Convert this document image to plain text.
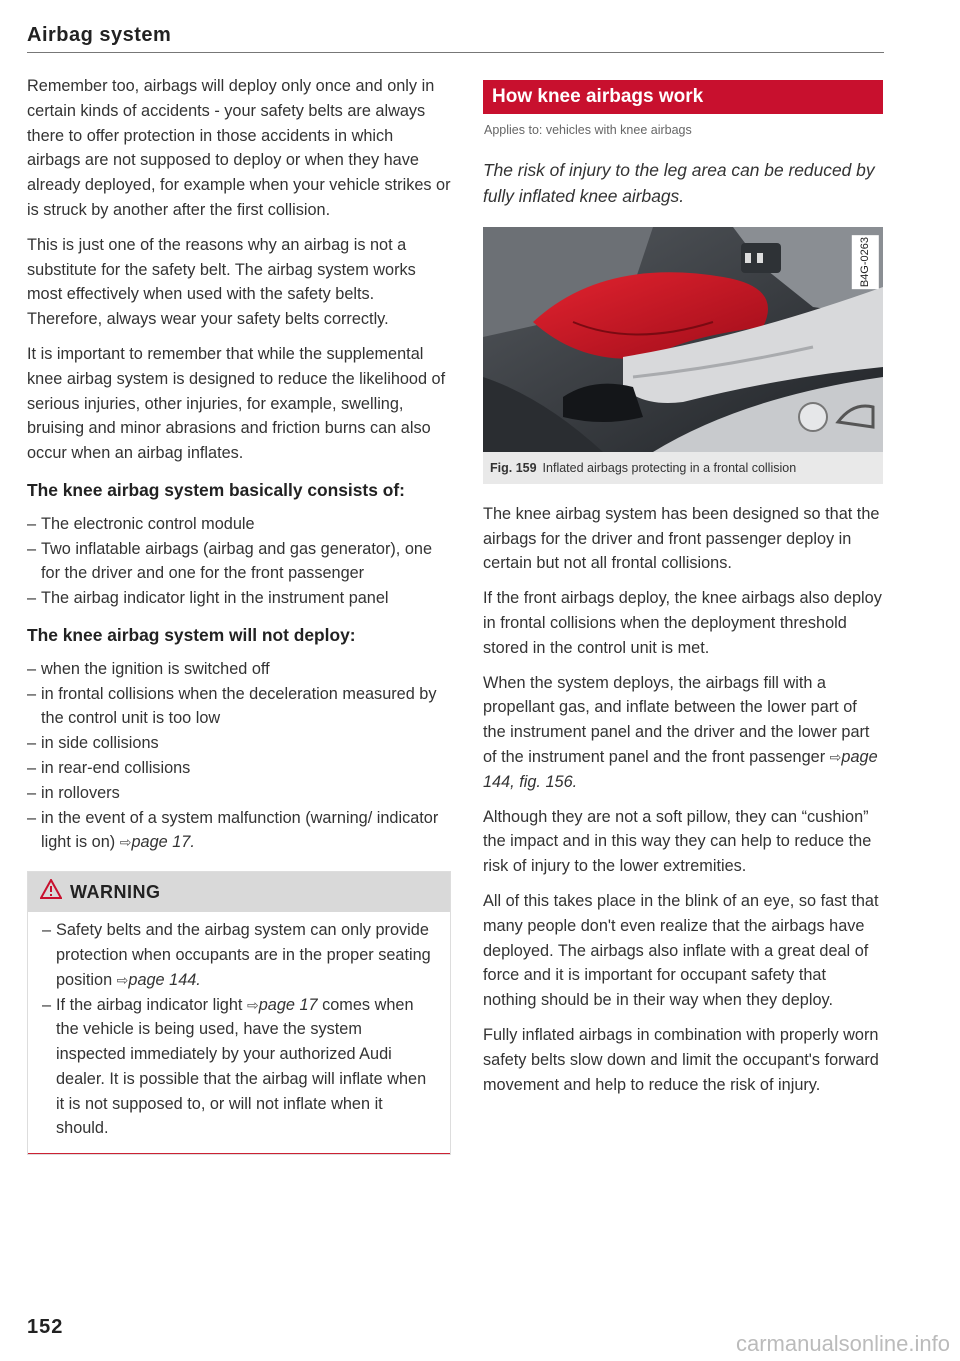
Airbag system

Remember too, airbags will deploy only once and only in certain kinds of accidents - your safety belts are always there to offer protection in those accidents in which airbags are not supposed to deploy or when they have already deployed, for example when your vehicle strikes or is struck by another after the first collision.

This is just one of the reasons why an airbag is not a substitute for the safety belt. The airbag system works most effectively when used with the safety belts. Therefore, always wear your safety belts correctly.

It is important to remember that while the supplemental knee airbag system is designed to reduce the likelihood of serious injuries, other injuries, for example, swelling, bruising and minor abrasions and friction burns can also occur when an airbag inflates.

The knee airbag system basically consists of:
– The electronic control module
– Two inflatable airbags (airbag and gas generator), one for the driver and one for the front passenger
– The airbag indicator light in the instrument panel
The knee airbag system will not deploy:
– when the ignition is switched off
– in frontal collisions when the deceleration measured by the control unit is too low
– in side collisions
– in rear-end collisions
– in rollovers
– in the event of a system malfunction (warning/ indicator light is on) ⇨page 17.
WARNING
– Safety belts and the airbag system can only provide protection when occupants are in the proper seating position ⇨page 144.
– If the airbag indicator light ⇨page 17 comes when the vehicle is being used, have the system inspected immediately by your authorized Audi dealer. It is possible that the airbag will inflate when it is not supposed to, or will not inflate when it should.
152
How knee airbags work
Applies to: vehicles with knee airbags
The risk of injury to the leg area can be reduced by fully inflated knee airbags.
B4G-0263
Fig. 159 Inflated airbags protecting in a frontal collision

The knee airbag system has been designed so that the airbags for the driver and front passenger deploy in certain but not all frontal collisions.

If the front airbags deploy, the knee airbags also deploy in frontal collisions when the deployment threshold stored in the control unit is met.

When the system deploys, the airbags fill with a propellant gas, and inflate between the lower part of the instrument panel and the driver and the lower part of the instrument panel and the front passenger ⇨page 144, fig. 156.

Although they are not a soft pillow, they can “cushion” the impact and in this way they can help to reduce the risk of injury to the lower extremities.

All of this takes place in the blink of an eye, so fast that many people don't even realize that the airbags have deployed. The airbags also inflate with a great deal of force and it is important for occupant safety that nothing should be in their way when they deploy.

Fully inflated airbags in combination with properly worn safety belts slow down and limit the occupant's forward movement and help to reduce the risk of injury.

carmanualsonline.info
